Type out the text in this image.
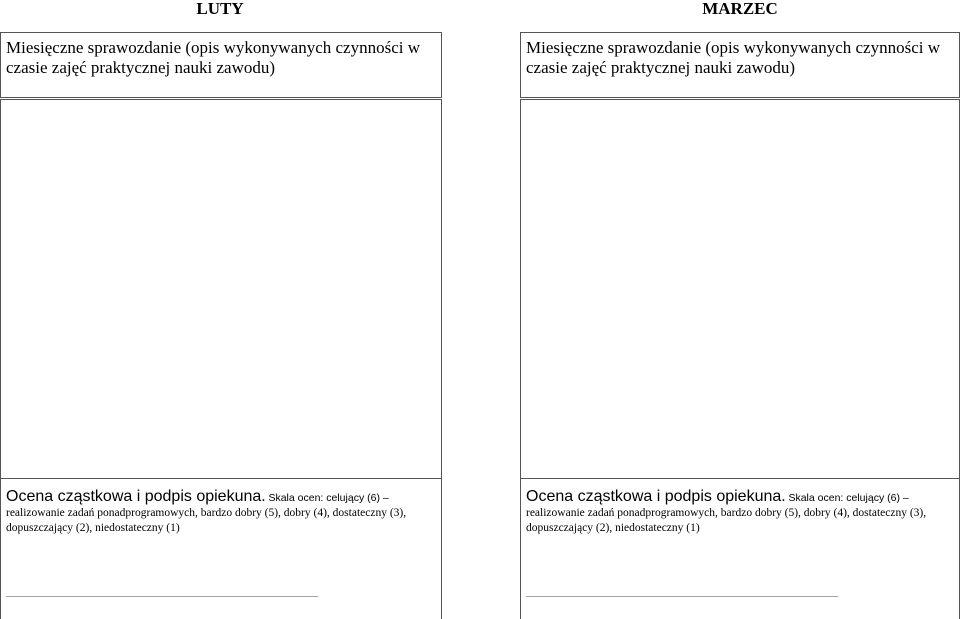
LUTY
Miesięczne sprawozdanie (opis wykonywanych czynności w czasie zajęć praktycznej nauki zawodu)
Ocena cząstkowa i podpis opiekuna. Skala ocen: celujący (6) – realizowanie zadań ponadprogramowych, bardzo dobry (5), dobry (4), dostateczny (3), dopuszczający (2), niedostateczny (1)
............................................................................................................................................................
MARZEC
Miesięczne sprawozdanie (opis wykonywanych czynności w czasie zajęć praktycznej nauki zawodu)
Ocena cząstkowa i podpis opiekuna. Skala ocen: celujący (6) – realizowanie zadań ponadprogramowych, bardzo dobry (5), dobry (4), dostateczny (3), dopuszczający (2), niedostateczny (1)
............................................................................................................................................................
